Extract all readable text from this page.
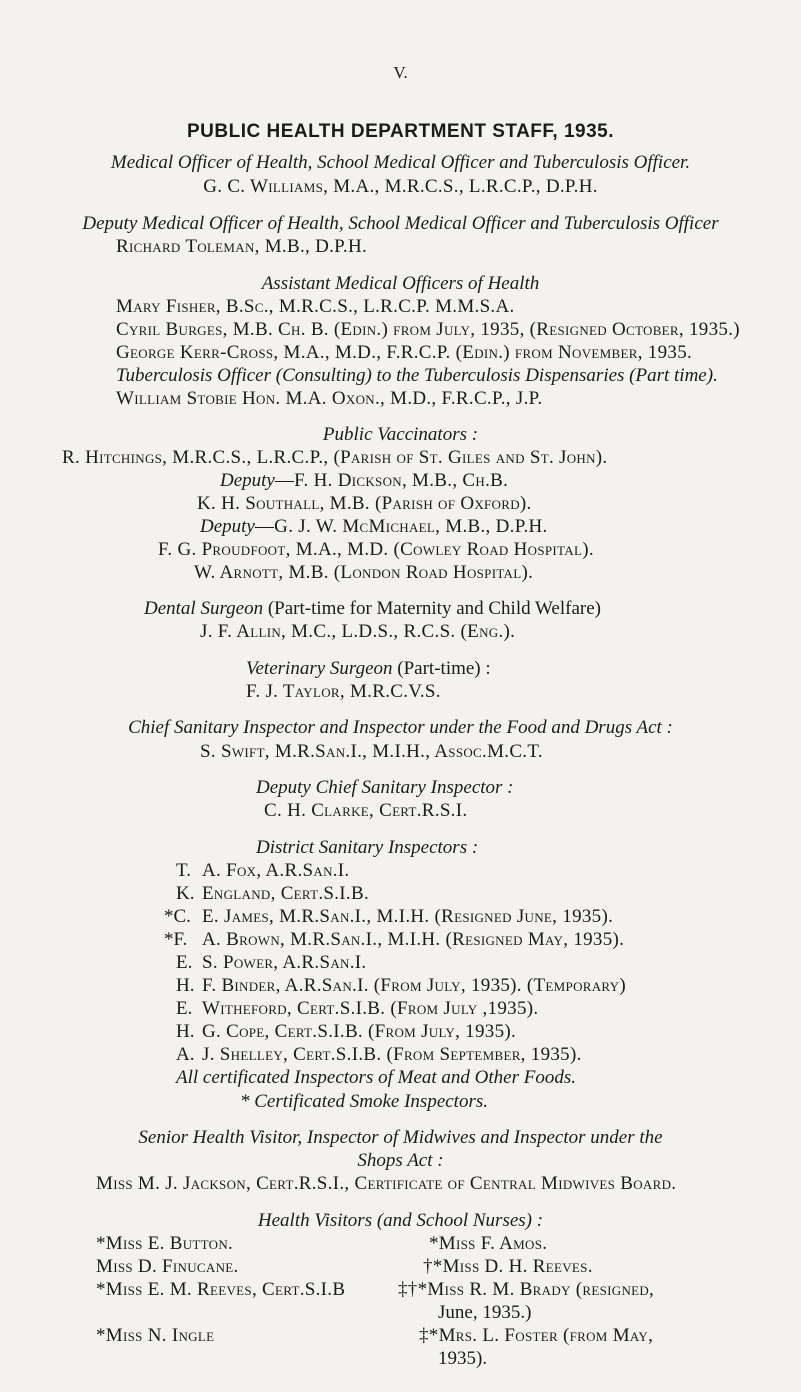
V.
PUBLIC HEALTH DEPARTMENT STAFF, 1935.
Medical Officer of Health, School Medical Officer and Tuberculosis Officer.
G. C. Williams, M.A., M.R.C.S., L.R.C.P., D.P.H.
Deputy Medical Officer of Health, School Medical Officer and Tuberculosis Officer
Richard Toleman, M.B., D.P.H.
Assistant Medical Officers of Health
Mary Fisher, B.Sc., M.R.C.S., L.R.C.P. M.M.S.A.
Cyril Burges, M.B. Ch. B. (Edin.) from July, 1935, (Resigned October, 1935.)
George Kerr-Cross, M.A., M.D., F.R.C.P. (Edin.) from November, 1935.
Tuberculosis Officer (Consulting) to the Tuberculosis Dispensaries (Part time).
William Stobie Hon. M.A. Oxon., M.D., F.R.C.P., J.P.
Public Vaccinators :
R. Hitchings, M.R.C.S., L.R.C.P., (Parish of St. Giles and St. John).
Deputy—F. H. Dickson, M.B., Ch.B.
K. H. Southall, M.B. (Parish of Oxford).
Deputy—G. J. W. McMichael, M.B., D.P.H.
F. G. Proudfoot, M.A., M.D. (Cowley Road Hospital).
W. Arnott, M.B. (London Road Hospital).
Dental Surgeon (Part-time for Maternity and Child Welfare)
J. F. Allin, M.C., L.D.S., R.C.S. (Eng.).
Veterinary Surgeon (Part-time) :
F. J. Taylor, M.R.C.V.S.
Chief Sanitary Inspector and Inspector under the Food and Drugs Act :
S. Swift, M.R.San.I., M.I.H., Assoc.M.C.T.
Deputy Chief Sanitary Inspector :
C. H. Clarke, Cert.R.S.I.
District Sanitary Inspectors :
T. A. Fox, A.R.San.I.
K. England, Cert.S.I.B.
*C. E. James, M.R.San.I., M.I.H. (Resigned June, 1935).
*F. A. Brown, M.R.San.I., M.I.H. (Resigned May, 1935).
E. S. Power, A.R.San.I.
H. F. Binder, A.R.San.I. (From July, 1935). (Temporary)
E. Witheford, Cert.S.I.B. (From July ,1935).
H. G. Cope, Cert.S.I.B. (From July, 1935).
A. J. Shelley, Cert.S.I.B. (From September, 1935).
All certificated Inspectors of Meat and Other Foods.
* Certificated Smoke Inspectors.
Senior Health Visitor, Inspector of Midwives and Inspector under the
Shops Act :
Miss M. J. Jackson, Cert.R.S.I., Certificate of Central Midwives Board.
Health Visitors (and School Nurses) :
*Miss E. Button.	*Miss F. Amos.
Miss D. Finucane.	†*Miss D. H. Reeves.
*Miss E. M. Reeves, Cert.S.I.B	‡†*Miss R. M. Brady (resigned,
June, 1935.)
*Miss N. Ingle	‡*Mrs. L. Foster (from May,
1935).
